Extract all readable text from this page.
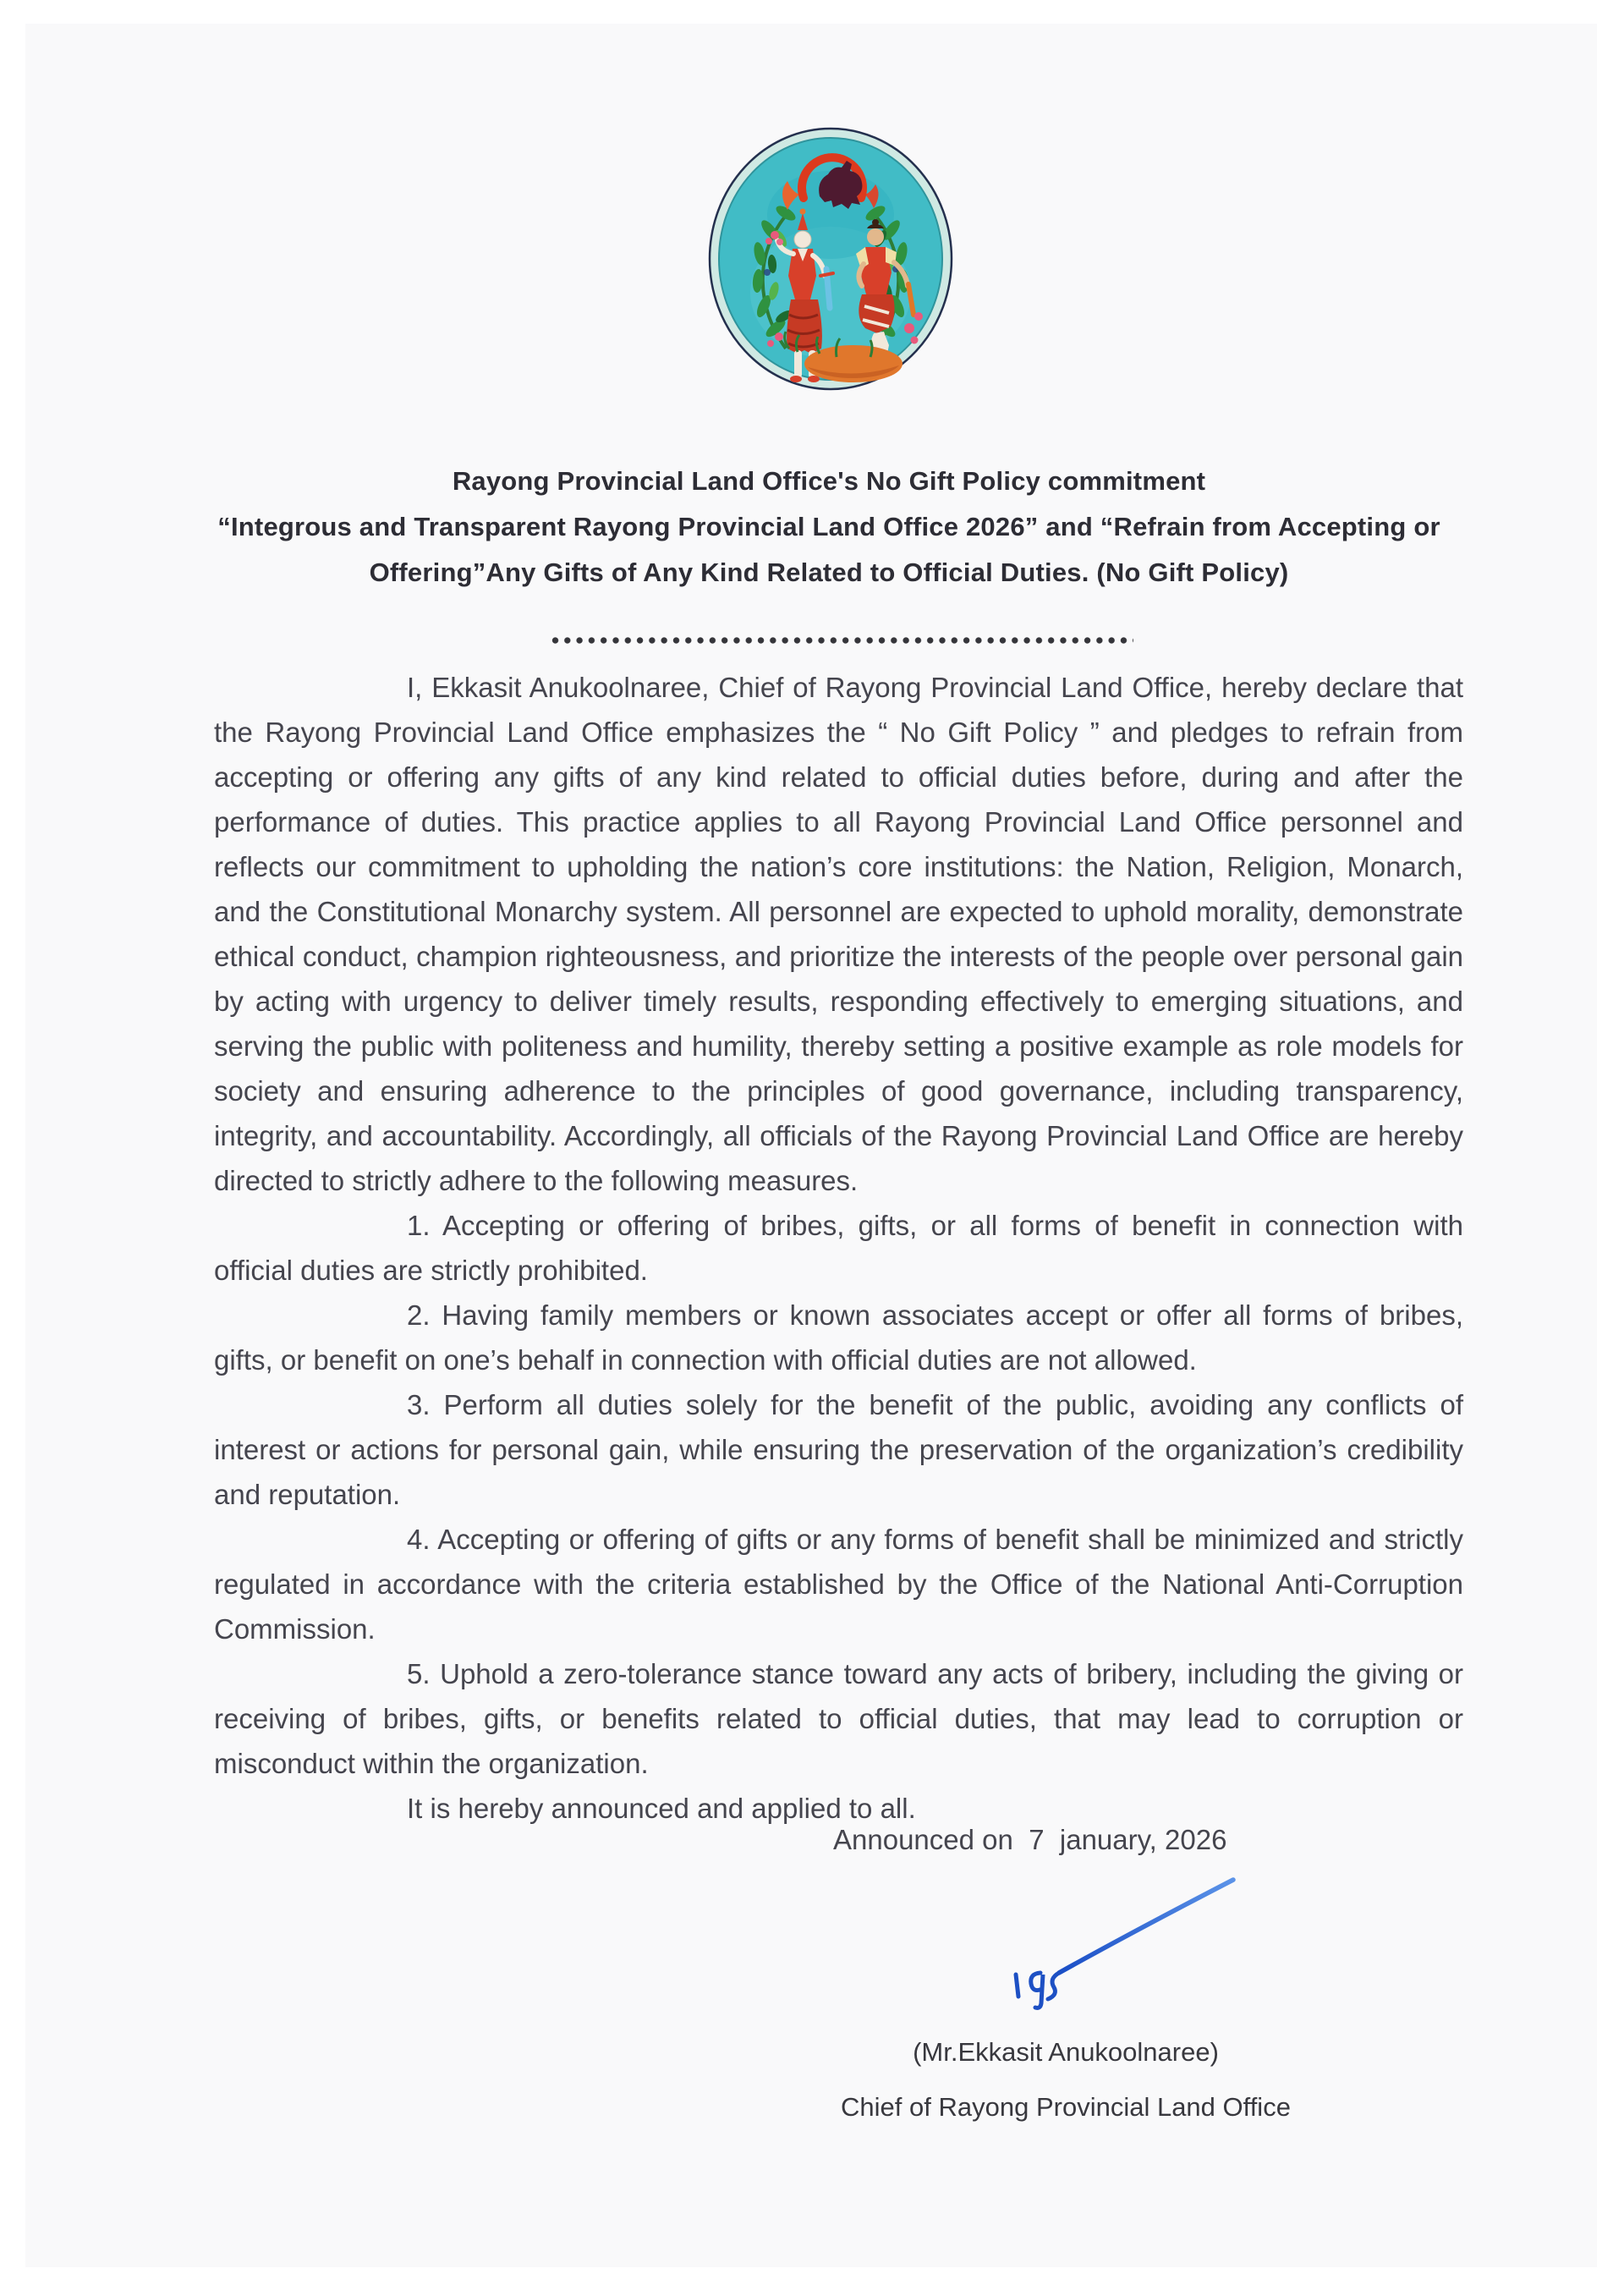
Rayong Provincial Land Office's No Gift Policy commitment
“Integrous and Transparent Rayong Provincial Land Office 2026” and “Refrain from Accepting or
Offering”Any Gifts of Any Kind Related to Official Duties. (No Gift Policy)

I, Ekkasit Anukoolnaree, Chief of Rayong Provincial Land Office, hereby declare that the Rayong Provincial Land Office emphasizes the “ No Gift Policy ” and pledges to refrain from accepting or offering any gifts of any kind related to official duties before, during and after the performance of duties. This practice applies to all Rayong Provincial Land Office personnel and reflects our commitment to upholding the nation’s core institutions: the Nation, Religion, Monarch, and the Constitutional Monarchy system. All personnel are expected to uphold morality, demonstrate ethical conduct, champion righteousness, and prioritize the interests of the people over personal gain by acting with urgency to deliver timely results, responding effectively to emerging situations, and serving the public with politeness and humility, thereby setting a positive example as role models for society and ensuring adherence to the principles of good governance, including transparency, integrity, and accountability. Accordingly, all officials of the Rayong Provincial Land Office are hereby directed to strictly adhere to the following measures.

1. Accepting or offering of bribes, gifts, or all forms of benefit in connection with official duties are strictly prohibited.

2. Having family members or known associates accept or offer all forms of bribes, gifts, or benefit on one’s behalf in connection with official duties are not allowed.

3. Perform all duties solely for the benefit of the public, avoiding any conflicts of interest or actions for personal gain, while ensuring the preservation of the organization’s credibility and reputation.

4. Accepting or offering of gifts or any forms of benefit shall be minimized and strictly regulated in accordance with the criteria established by the Office of the National Anti-Corruption Commission.

5. Uphold a zero-tolerance stance toward any acts of bribery, including the giving or receiving of bribes, gifts, or benefits related to official duties, that may lead to corruption or misconduct within the organization.

It is hereby announced and applied to all.

Announced on  7  january, 2026
(Mr.Ekkasit Anukoolnaree)
Chief of Rayong Provincial Land Office
